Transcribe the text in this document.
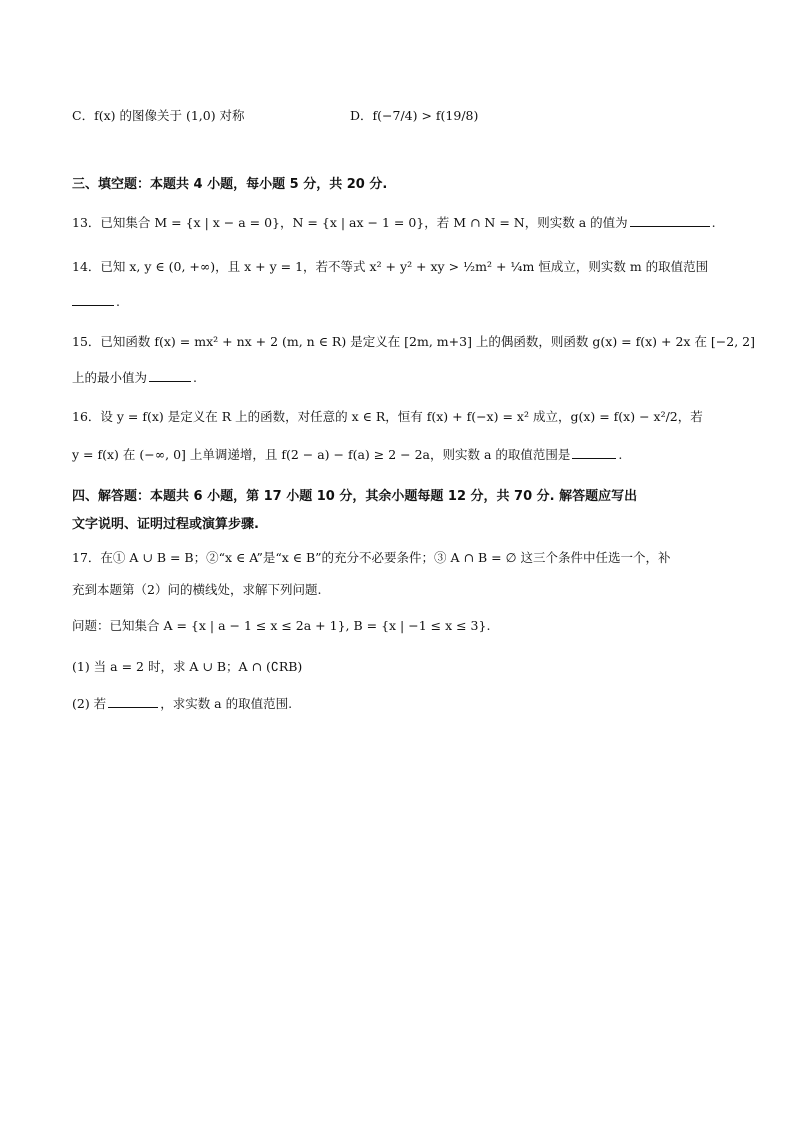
C．f(x) 的图像关于 (1,0) 对称	D．f(−7/4) > f(19/8)
三、填空题：本题共 4 小题，每小题 5 分，共 20 分.
13．已知集合 M = {x | x − a = 0}，N = {x | ax − 1 = 0}，若 M ∩ N = N，则实数 a 的值为	.
14．已知 x, y ∈ (0, +∞)，且 x + y = 1，若不等式 x² + y² + xy > ½m² + ¼m 恒成立，则实数 m 的取值范围
.
15．已知函数 f(x) = mx² + nx + 2 (m, n ∈ R) 是定义在 [2m, m+3] 上的偶函数，则函数 g(x) = f(x) + 2x 在 [−2, 2]
上的最小值为	.
16．设 y = f(x) 是定义在 R 上的函数，对任意的 x ∈ R，恒有 f(x) + f(−x) = x² 成立，g(x) = f(x) − x²/2，若
y = f(x) 在 (−∞, 0] 上单调递增，且 f(2 − a) − f(a) ≥ 2 − 2a，则实数 a 的取值范围是	.
四、解答题：本题共 6 小题，第 17 小题 10 分，其余小题每题 12 分，共 70 分. 解答题应写出
文字说明、证明过程或演算步骤.
17．在① A ∪ B = B；②“x ∈ A”是“x ∈ B”的充分不必要条件；③ A ∩ B = ∅ 这三个条件中任选一个，补
充到本题第（2）问的横线处，求解下列问题.
问题：已知集合 A = {x | a − 1 ≤ x ≤ 2a + 1}, B = {x | −1 ≤ x ≤ 3}.
(1) 当 a = 2 时，求 A ∪ B；A ∩ (∁RB)
(2) 若	，求实数 a 的取值范围.
